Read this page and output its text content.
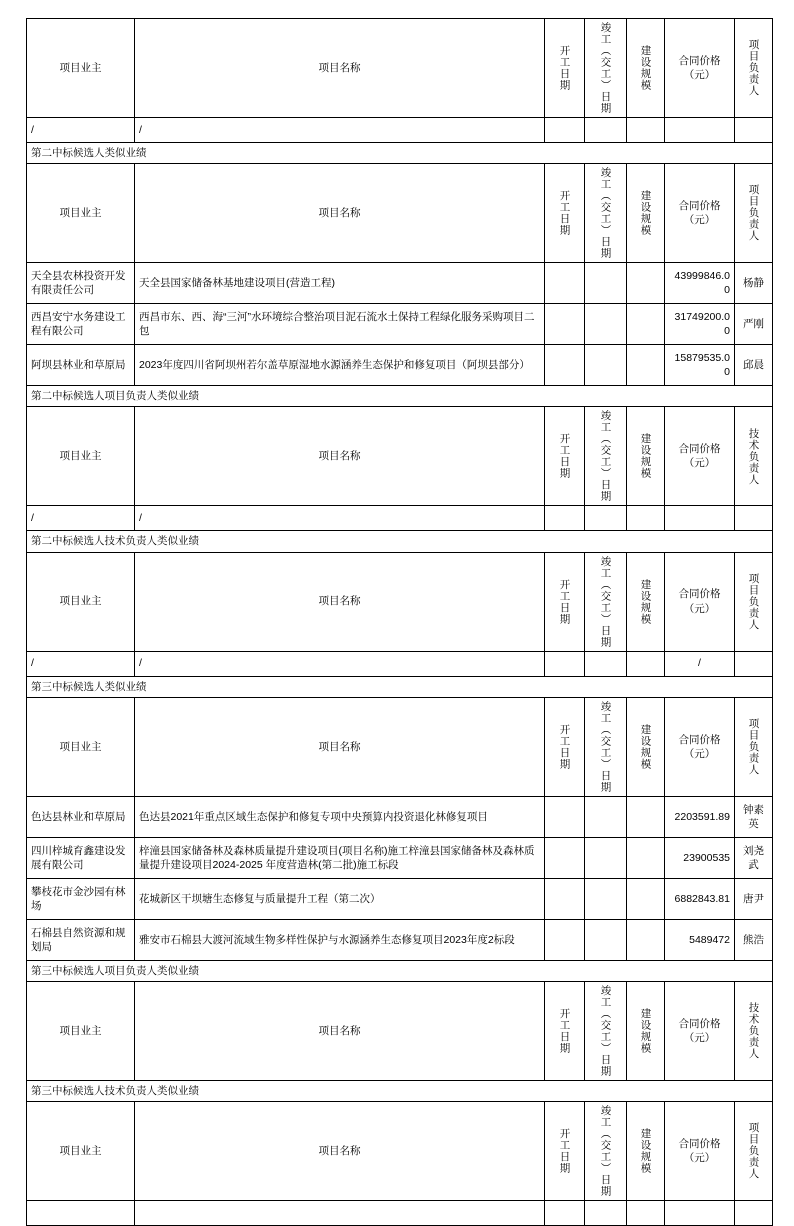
项目业主	项目名称	开工日期	竣工（交工）日期	建设规模	合同价格（元）	项目负责人

/	/					
第二中标候选人类似业绩						
项目业主	项目名称	开工日期	竣工（交工）日期	建设规模	合同价格（元）	项目负责人

天全县农林投资开发有限责任公司	天全县国家储备林基地建设项目(营造工程)				43999846.00	杨静
西昌安宁水务建设工程有限公司	西昌市东、西、海“三河”水环境综合整治项目泥石流水土保持工程绿化服务采购项目二包				31749200.00	严刚
阿坝县林业和草原局	2023年度四川省阿坝州若尔盖草原湿地水源涵养生态保护和修复项目（阿坝县部分）				15879535.00	邱晨
第二中标候选人项目负责人类似业绩						
项目业主	项目名称	开工日期	竣工（交工）日期	建设规模	合同价格（元）	技术负责人

/	/					
第二中标候选人技术负责人类似业绩						
项目业主	项目名称	开工日期	竣工（交工）日期	建设规模	合同价格（元）	项目负责人

/	/				/	
第三中标候选人类似业绩						
项目业主	项目名称	开工日期	竣工（交工）日期	建设规模	合同价格（元）	项目负责人

色达县林业和草原局	色达县2021年重点区域生态保护和修复专项中央预算内投资退化林修复项目				2203591.89	钟素英
四川梓城育鑫建设发展有限公司	梓潼县国家储备林及森林质量提升建设项目(项目名称)施工梓潼县国家储备林及森林质量提升建设项目2024-2025 年度营造林(第二批)施工标段				23900535	刘尧武
攀枝花市金沙园有林场	花城新区干坝塘生态修复与质量提升工程（第二次）				6882843.81	唐尹
石棉县自然资源和规划局	雅安市石棉县大渡河流域生物多样性保护与水源涵养生态修复项目2023年度2标段				5489472	熊浩
第三中标候选人项目负责人类似业绩						
项目业主	项目名称	开工日期	竣工（交工）日期	建设规模	合同价格（元）	技术负责人

第三中标候选人技术负责人类似业绩						
项目业主	项目名称	开工日期	竣工（交工）日期	建设规模	合同价格（元）	项目负责人
